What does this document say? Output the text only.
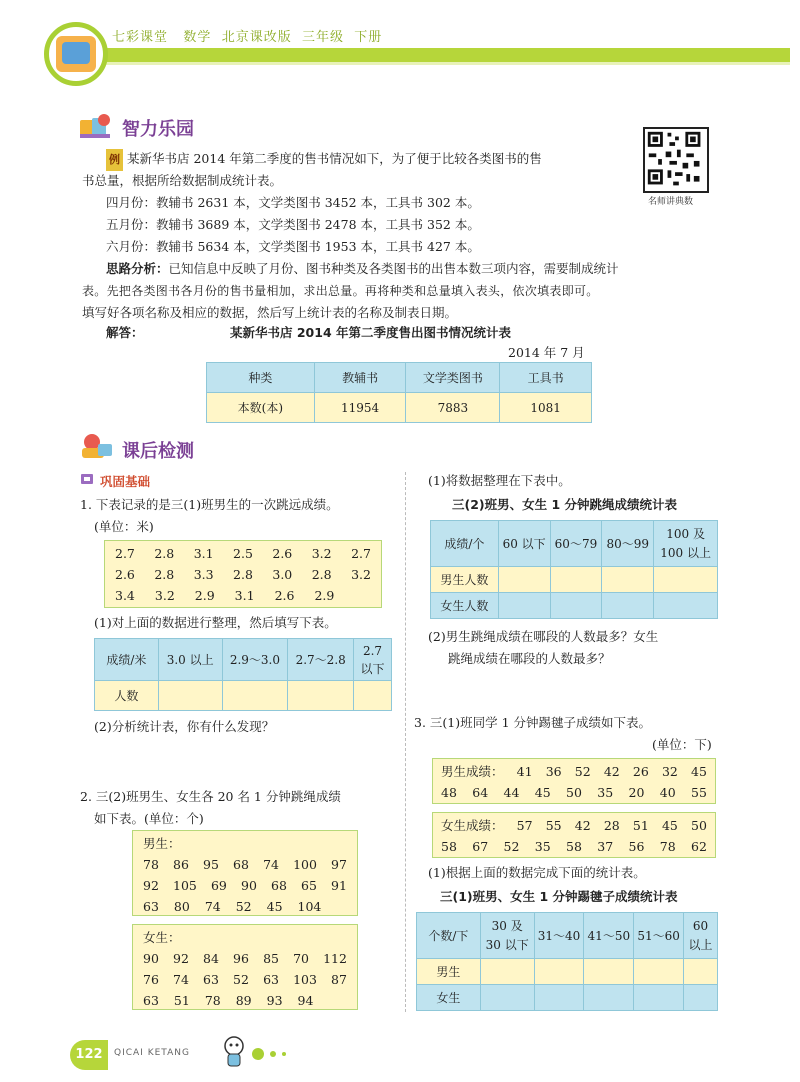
七彩课堂 数学 北京课改版 三年级 下册
智力乐园
名师讲典数
例 某新华书店 2014 年第二季度的售书情况如下，为了便于比较各类图书的售
书总量，根据所给数据制成统计表。
四月份：教辅书 2631 本，文学类图书 3452 本，工具书 302 本。
五月份：教辅书 3689 本，文学类图书 2478 本，工具书 352 本。
六月份：教辅书 5634 本，文学类图书 1953 本，工具书 427 本。
思路分析：已知信息中反映了月份、图书种类及各类图书的出售本数三项内容，需要制成统计
表。先把各类图书各月份的售书量相加，求出总量。再将种类和总量填入表头，依次填表即可。
填写好各项名称及相应的数据，然后写上统计表的名称及制表日期。
解答：	某新华书店 2014 年第二季度售出图书情况统计表
2014 年 7 月
种类	教辅书	文学类图书	工具书
本数(本)	11954	7883	1081
课后检测
巩固基础
1. 下表记录的是三(1)班男生的一次跳远成绩。
(单位：米)
2.7 2.8 3.1 2.5 2.6 3.2 2.7
2.6 2.8 3.3 2.8 3.0 2.8 3.2
3.4 3.2 2.9 3.1 2.6 2.9
(1)对上面的数据进行整理，然后填写下表。
成绩/米	3.0 以上	2.9～3.0	2.7～2.8	2.7
以下
人数				
(2)分析统计表，你有什么发现？
2. 三(2)班男生、女生各 20 名 1 分钟跳绳成绩
如下表。(单位：个)
男生：
78 86 95 68 74 100 97
92 105 69 90 68 65 91
63 80 74 52 45 104
女生：
90 92 84 96 85 70 112
76 74 63 52 63 103 87
63 51 78 89 93 94
(1)将数据整理在下表中。
三(2)班男、女生 1 分钟跳绳成绩统计表
成绩/个	60 以下	60～79	80～99	100 及
100 以上
男生人数				
女生人数				
(2)男生跳绳成绩在哪段的人数最多？女生
跳绳成绩在哪段的人数最多？
3. 三(1)班同学 1 分钟踢毽子成绩如下表。
(单位：下)
男生成绩： 41 36 52 42 26 32 45
48 64 44 45 50 35 20 40 55
女生成绩： 57 55 42 28 51 45 50
58 67 52 35 58 37 56 78 62
(1)根据上面的数据完成下面的统计表。
三(1)班男、女生 1 分钟踢毽子成绩统计表
个数/下	30 及
30 以下	31～40	41～50	51～60	60
以上
男生					
女生					
122	QICAI KETANG
